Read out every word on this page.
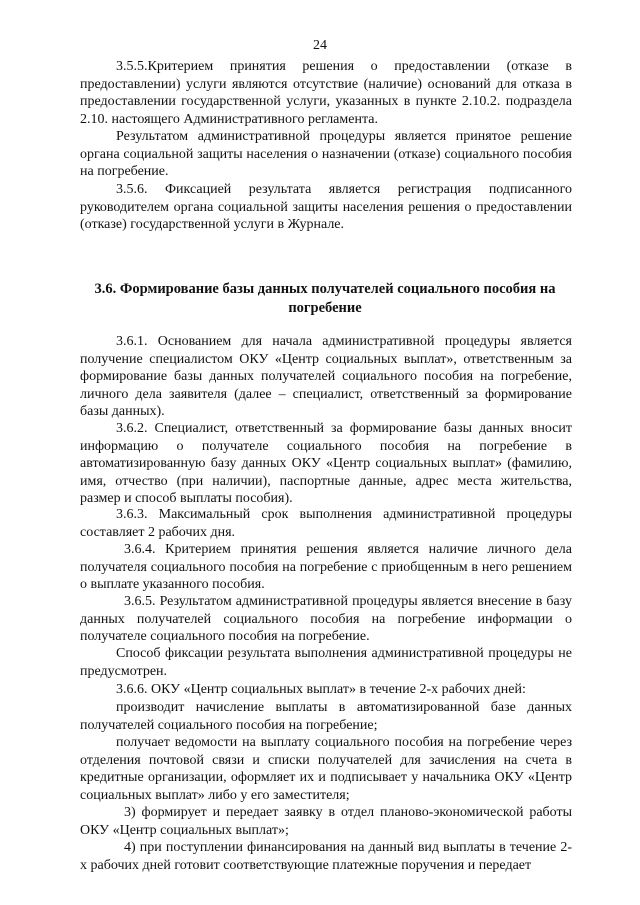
24

3.5.5.Критерием принятия решения о предоставлении (отказе в предоставлении) услуги являются отсутствие (наличие) оснований для отказа в предоставлении государственной услуги, указанных в пункте 2.10.2. подраздела 2.10. настоящего Административного регламента.

Результатом административной процедуры является принятое решение органа социальной защиты населения о назначении (отказе) социального пособия на погребение.

3.5.6. Фиксацией результата является регистрация подписанного руководителем органа социальной защиты населения решения о предоставлении (отказе) государственной услуги в Журнале.

3.6. Формирование базы данных получателей социального пособия на погребение

3.6.1. Основанием для начала административной процедуры является получение специалистом ОКУ «Центр социальных выплат», ответственным за формирование базы данных получателей социального пособия на погребение, личного дела заявителя (далее – специалист, ответственный за формирование базы данных).

3.6.2. Специалист, ответственный за формирование базы данных вносит информацию о получателе социального пособия на погребение в автоматизированную базу данных ОКУ «Центр социальных выплат» (фамилию, имя, отчество (при наличии), паспортные данные, адрес места жительства, размер и способ выплаты пособия).

3.6.3. Максимальный срок выполнения административной процедуры составляет 2 рабочих дня.

3.6.4. Критерием принятия решения является наличие личного дела получателя социального пособия на погребение с приобщенным в него решением о выплате указанного пособия.

3.6.5. Результатом административной процедуры является внесение в базу данных получателей социального пособия на погребение информации о получателе социального пособия на погребение.

Способ фиксации результата выполнения административной процедуры не предусмотрен.

3.6.6. ОКУ «Центр социальных выплат» в течение 2-х рабочих дней:

производит начисление выплаты в автоматизированной базе данных получателей социального пособия на погребение;

получает ведомости на выплату социального пособия на погребение через отделения почтовой связи и списки получателей для зачисления на счета в кредитные организации, оформляет их и подписывает у начальника ОКУ «Центр социальных выплат» либо у его заместителя;

3) формирует и передает заявку в отдел планово-экономической работы ОКУ «Центр социальных выплат»;

4) при поступлении финансирования на данный вид выплаты в течение 2- х рабочих дней готовит соответствующие платежные поручения и передает
